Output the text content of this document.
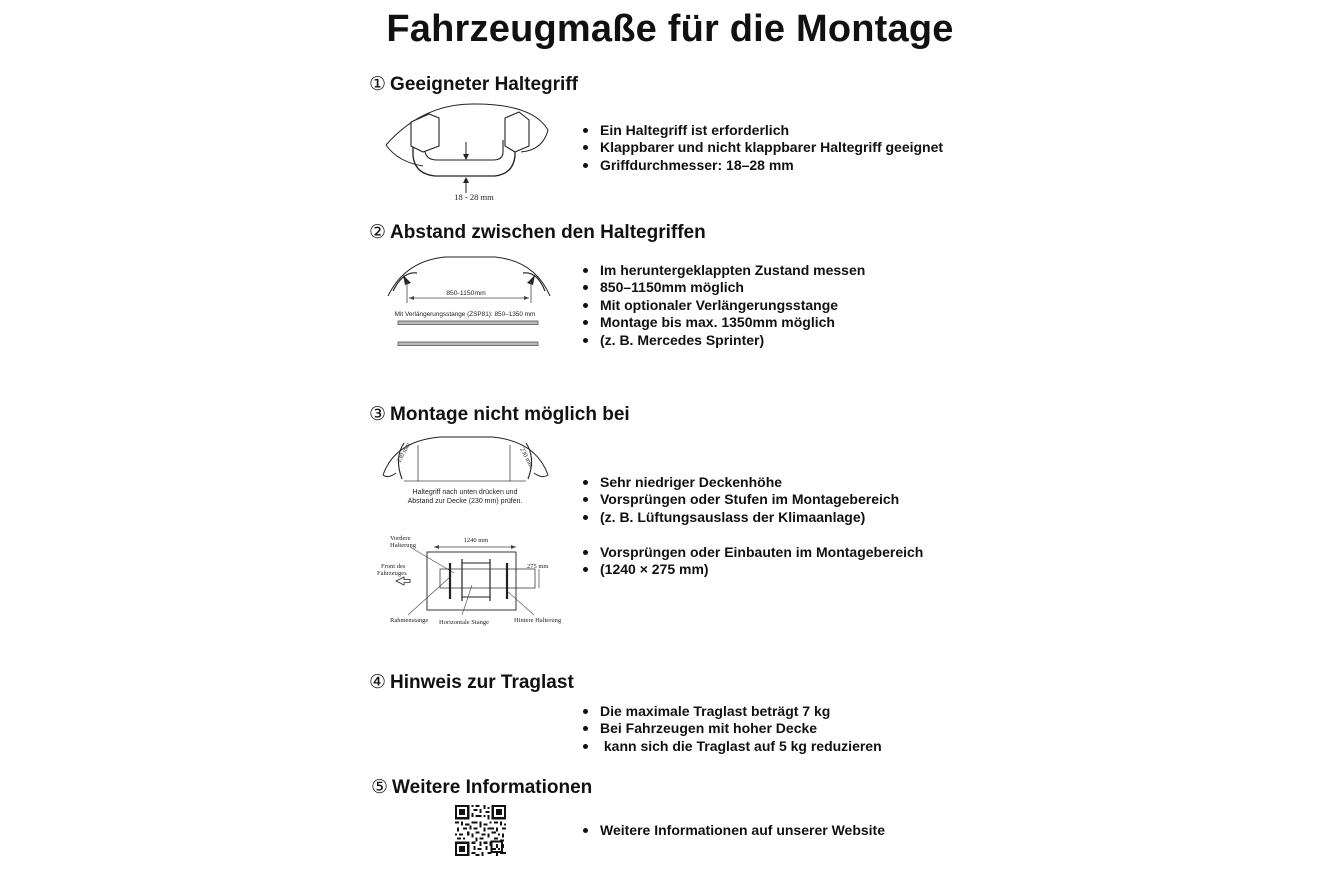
Fahrzeugmaße für die Montage
① Geeigneter Haltegriff
18 - 28 mm
Ein Haltegriff ist erforderlich
Klappbarer und nicht klappbarer Haltegriff geeignet
Griffdurchmesser: 18–28 mm
② Abstand zwischen den Haltegriffen
850-1150mm
Mit Verlängerungsstange (ZSP81): 850–1350 mm
Im heruntergeklappten Zustand messen
850–1150mm möglich
Mit optionaler Verlängerungsstange
Montage bis max. 1350mm möglich
(z. B. Mercedes Sprinter)
③ Montage nicht möglich bei
230 mm	230 mm
Haltegriff nach unten drücken und
Abstand zur Decke (230 mm) prüfen.
Vordere
Halterung
1240 mm
275 mm
Front des
Fahrzeuges
Rahmenstange Horizontale Stange	Hintere Halterung
Sehr niedriger Deckenhöhe
Vorsprüngen oder Stufen im Montagebereich
(z. B. Lüftungsauslass der Klimaanlage)
Vorsprüngen oder Einbauten im Montagebereich
(1240 × 275 mm)
④ Hinweis zur Traglast
Die maximale Traglast beträgt 7 kg
Bei Fahrzeugen mit hoher Decke
kann sich die Traglast auf 5 kg reduzieren
⑤ Weitere Informationen
Weitere Informationen auf unserer Website
